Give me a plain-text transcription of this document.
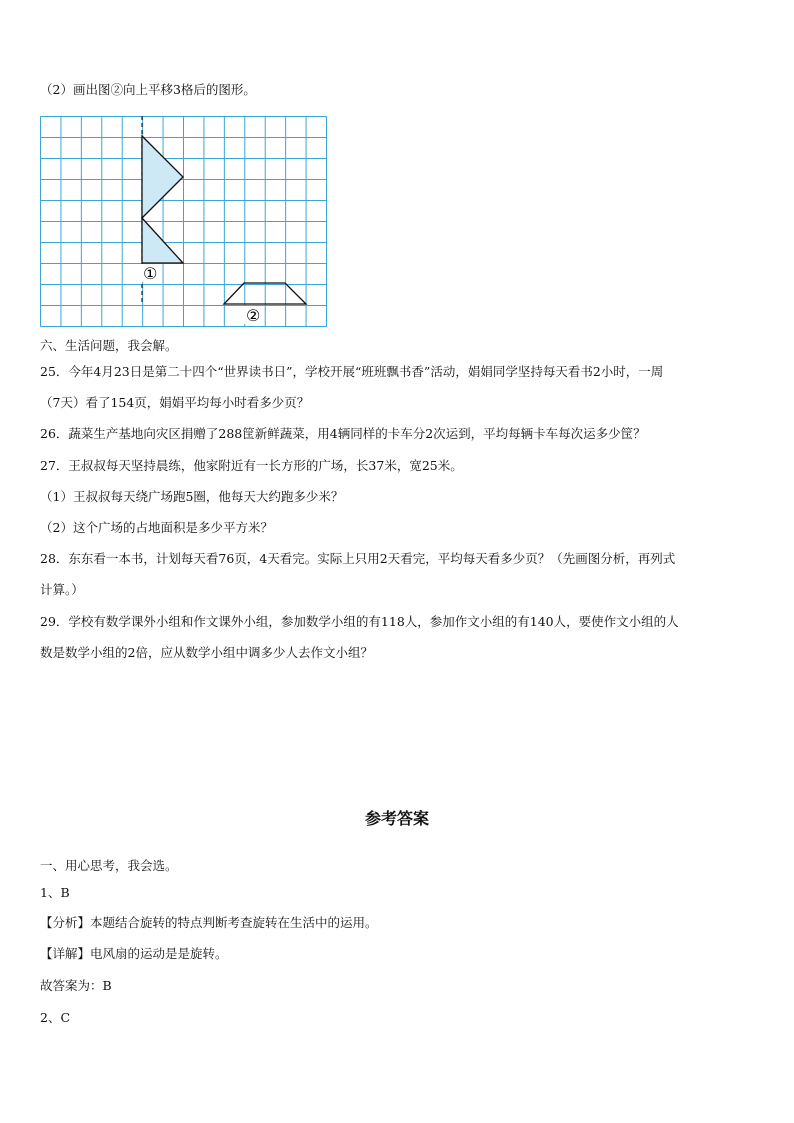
（2）画出图②向上平移3格后的图形。
①
②
六、生活问题，我会解。
25．今年4月23日是第二十四个“世界读书日”，学校开展“班班飘书香”活动，娟娟同学坚持每天看书2小时，一周
（7天）看了154页，娟娟平均每小时看多少页？
26．蔬菜生产基地向灾区捐赠了288筐新鲜蔬菜，用4辆同样的卡车分2次运到，平均每辆卡车每次运多少筐？
27．王叔叔每天坚持晨练，他家附近有一长方形的广场，长37米，宽25米。
（1）王叔叔每天绕广场跑5圈，他每天大约跑多少米？
（2）这个广场的占地面积是多少平方米？
28．东东看一本书，计划每天看76页，4天看完。实际上只用2天看完，平均每天看多少页？（先画图分析，再列式
计算。）
29．学校有数学课外小组和作文课外小组，参加数学小组的有118人，参加作文小组的有140人，要使作文小组的人
数是数学小组的2倍，应从数学小组中调多少人去作文小组？
参考答案
一、用心思考，我会选。
1、B
【分析】本题结合旋转的特点判断考查旋转在生活中的运用。
【详解】电风扇的运动是是旋转。
故答案为：B
2、C
